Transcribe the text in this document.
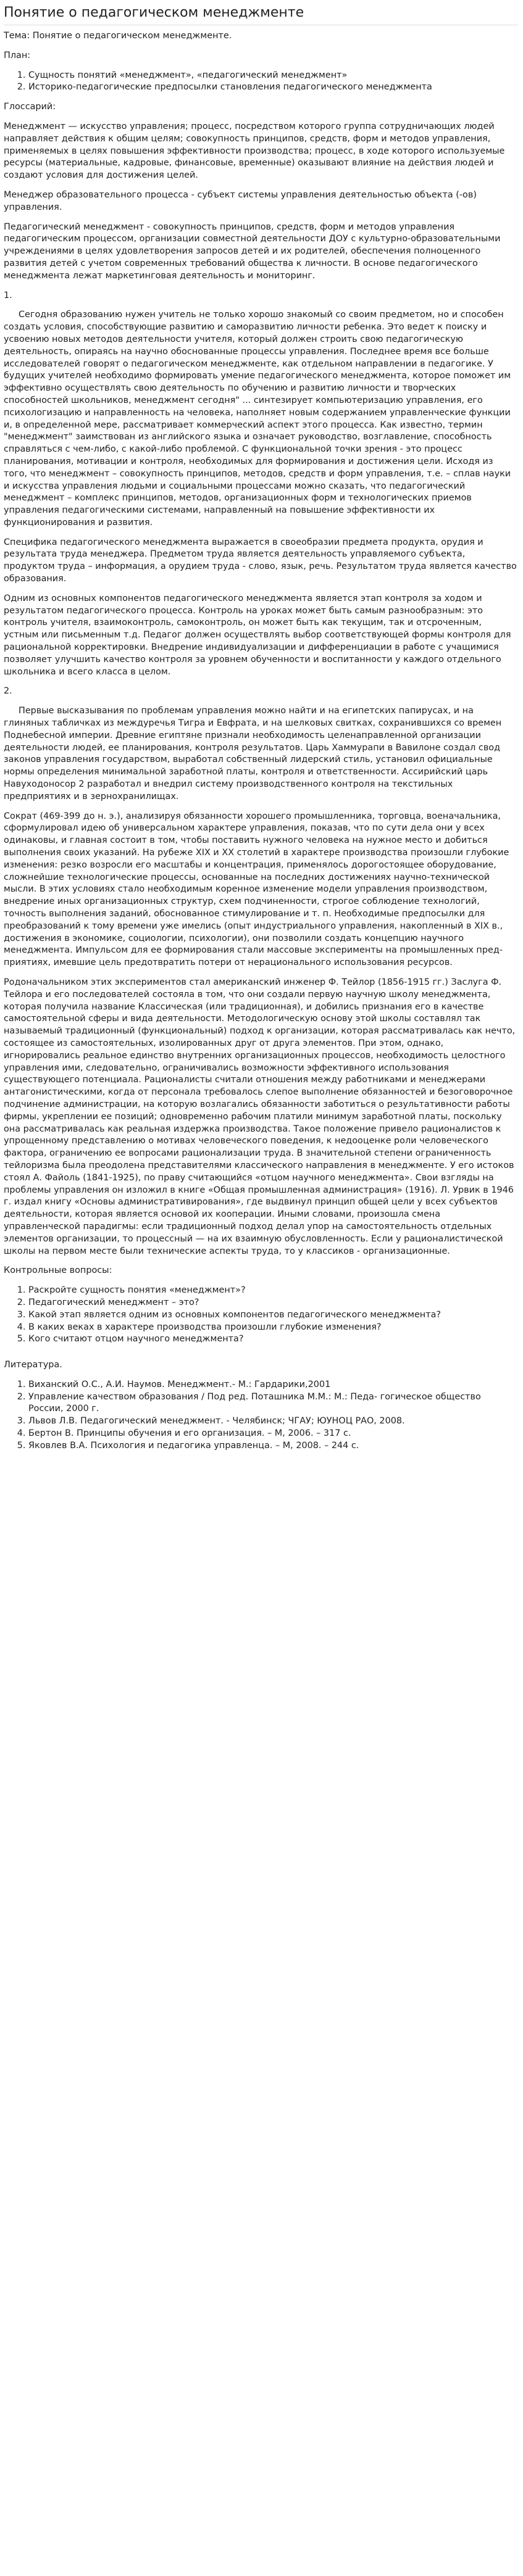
Понятие о педагогическом менеджменте

Тема: Понятие о педагогическом менеджменте.

План:

1. Сущность понятий «менеджмент», «педагогический менеджмент»
2. Историко-педагогические предпосылки становления педагогического менеджмента

Глоссарий:

Менеджмент — искусство управления; процесс, посредством которого группа сотрудничающих людей направляет действия к общим целям; совокупность принципов, средств, форм и методов управления, применяемых в целях повышения эффективности производства; процесс, в ходе которого используемые ресурсы (материальные, кадровые, финансовые, временные) оказывают влияние на действия людей и создают условия для достижения целей.

Менеджер образовательного процесса - субъект системы управления деятельностью объекта (-ов) управления.

Педагогический менеджмент - совокупность принципов, средств, форм и методов управления педагогическим процессом, организации совместной деятельности ДОУ с культурно-образовательными учреждениями в целях удовлетворения запросов детей и их родителей, обеспечения полноценного развития детей с учетом современных требований общества к личности. В основе педагогического менеджмента лежат маркетинговая деятельность и мониторинг.

1.

Сегодня образованию нужен учитель не только хорошо знакомый со своим предметом, но и способен создать условия, способствующие развитию и саморазвитию личности ребенка. Это ведет к поиску и усвоению новых методов деятельности учителя, который должен строить свою педагогическую деятельность, опираясь на научно обоснованные процессы управления. Последнее время все больше исследователей говорят о педагогическом менеджменте, как отдельном направлении в педагогике. У будущих учителей необходимо формировать умение педагогического менеджмента, которое поможет им эффективно осуществлять свою деятельность по обучению и развитию личности и творческих способностей школьников, менеджмент сегодня" ... синтезирует компьютеризацию управления, его психологизацию и направленность на человека, наполняет новым содержанием управленческие функции и, в определенной мере, рассматривает коммерческий аспект этого процесса. Как известно, термин "менеджмент" заимствован из английского языка и означает руководство, возглавление, способность справляться с чем-либо, с какой-либо проблемой. С функциональной точки зрения - это процесс планирования, мотивации и контроля, необходимых для формирования и достижения цели. Исходя из того, что менеджмент – совокупность принципов, методов, средств и форм управления, т.е. – сплав науки и искусства управления людьми и социальными процессами можно сказать, что педагогический менеджмент – комплекс принципов, методов, организационных форм и технологических приемов управления педагогическими системами, направленный на повышение эффективности их функционирования и развития.

Специфика педагогического менеджмента выражается в своеобразии предмета продукта, орудия и результата труда менеджера. Предметом труда является деятельность управляемого субъекта, продуктом труда – информация, а орудием труда - слово, язык, речь. Результатом труда является качество образования.

Одним из основных компонентов педагогического менеджмента является этап контроля за ходом и результатом педагогического процесса. Контроль на уроках может быть самым разнообразным: это контроль учителя, взаимоконтроль, самоконтроль, он может быть как текущим, так и отсроченным, устным или письменным т.д. Педагог должен осуществлять выбор соответствующей формы контроля для рациональной корректировки. Внедрение индивидуализации и дифференциации в работе с учащимися позволяет улучшить качество контроля за уровнем обученности и воспитанности у каждого отдельного школьника и всего класса в целом.

2.

Первые высказывания по проблемам управления можно найти и на египетских папирусах, и на глиняных табличках из междуречья Тигра и Евфрата, и на шелковых свитках, сохранившихся со времен Поднебесной империи. Древние египтяне признали необходимость целенаправленной организации деятельности людей, ее планирования, контроля результатов. Царь Хаммурапи в Вавилоне создал свод законов управления государством, выработал собственный лидерский стиль, установил официальные нормы определения минимальной заработной платы, контроля и ответственности. Ассирийский царь Навуходоносор 2 разработал и внедрил систему производственного контроля на текстильных предприятиях и в зернохранилищах.

Сократ (469-399 до н. э.), анализируя обязанности хорошего промышленника, торговца, военачальника, сформулировал идею об универсальном характере управления, показав, что по сути дела они у всех одинаковы, и главная состоит в том, чтобы поставить нужного человека на нужное место и добиться выполнения своих указаний. На рубеже XIX и XX столетий в характере производства произошли глубокие изменения: резко возросли его масштабы и концентрация, применялось дорогостоящее оборудование, сложнейшие технологические процессы, основанные на последних достижениях научно-технической мысли. В этих условиях стало необходимым коренное изменение модели управления производством, внедрение иных организационных структур, схем подчиненности, строгое соблюдение технологий, точность выполнения заданий, обоснованное стимулирование и т. п. Необходимые предпосылки для преобразований к тому времени уже имелись (опыт индустриального управления, накопленный в XIX в., достижения в экономике, социологии, психологии), они позволили создать концепцию научного менеджмента. Импульсом для ее формирования стали массовые эксперименты на промышленных пред- приятиях, имевшие цель предотвратить потери от нерационального использования ресурсов.

Родоначальником этих экспериментов стал американский инженер Ф. Тейлор (1856-1915 гг.) Заслуга Ф. Тейлора и его последователей состояла в том, что они создали первую научную школу менеджмента, которая получила название Классическая (или традиционная), и добились признания его в качестве самостоятельной сферы и вида деятельности. Методологическую основу этой школы составлял так называемый традиционный (функциональный) подход к организации, которая рассматривалась как нечто, состоящее из самостоятельных, изолированных друг от друга элементов. При этом, однако, игнорировались реальное единство внутренних организационных процессов, необходимость целостного управления ими, следовательно, ограничивались возможности эффективного использования существующего потенциала. Рационалисты считали отношения между работниками и менеджерами антагонистическими, когда от персонала требовалось слепое выполнение обязанностей и безоговорочное подчинение администрации, на которую возлагались обязанности заботиться о результативности работы фирмы, укреплении ее позиций; одновременно рабочим платили минимум заработной платы, поскольку она рассматривалась как реальная издержка производства. Такое положение привело рационалистов к упрощенному представлению о мотивах человеческого поведения, к недооценке роли человеческого фактора, ограничению ее вопросами рационализации труда. В значительной степени ограниченность тейлоризма была преодолена представителями классического направления в менеджменте. У его истоков стоял А. Файоль (1841-1925), по праву считающийся «отцом научного менеджмента». Свои взгляды на проблемы управления он изложил в книге «Общая промышленная администрация» (1916). Л. Урвик в 1946 г. издал книгу «Основы административирования», где выдвинул принцип общей цели у всех субъектов деятельности, которая является основой их кооперации. Иными словами, произошла смена управленческой парадигмы: если традиционный подход делал упор на самостоятельность отдельных элементов организации, то процессный — на их взаимную обусловленность. Если у рационалистической школы на первом месте были технические аспекты труда, то у классиков - организационные.

Контрольные вопросы:

1. Раскройте сущность понятия «менеджмент»?
2. Педагогический менеджмент – это?
3. Какой этап является одним из основных компонентов педагогического менеджмента?
4. В каких веках в характере производства произошли глубокие изменения?
5. Кого считают отцом научного менеджмента?

Литература.

1. Виханский О.С., А.И. Наумов. Менеджмент.- М.: Гардарики,2001
2. Управление качеством образования / Под ред. Поташника М.М.: М.: Педа- гогическое общество России, 2000 г.
3. Львов Л.В. Педагогический менеджмент. - Челябинск; ЧГАУ; ЮУНОЦ РАО, 2008.
4. Бертон В. Принципы обучения и его организация. – М, 2006. – 317 с.
5. Яковлев В.А. Психология и педагогика управленца. – М, 2008. – 244 с.
